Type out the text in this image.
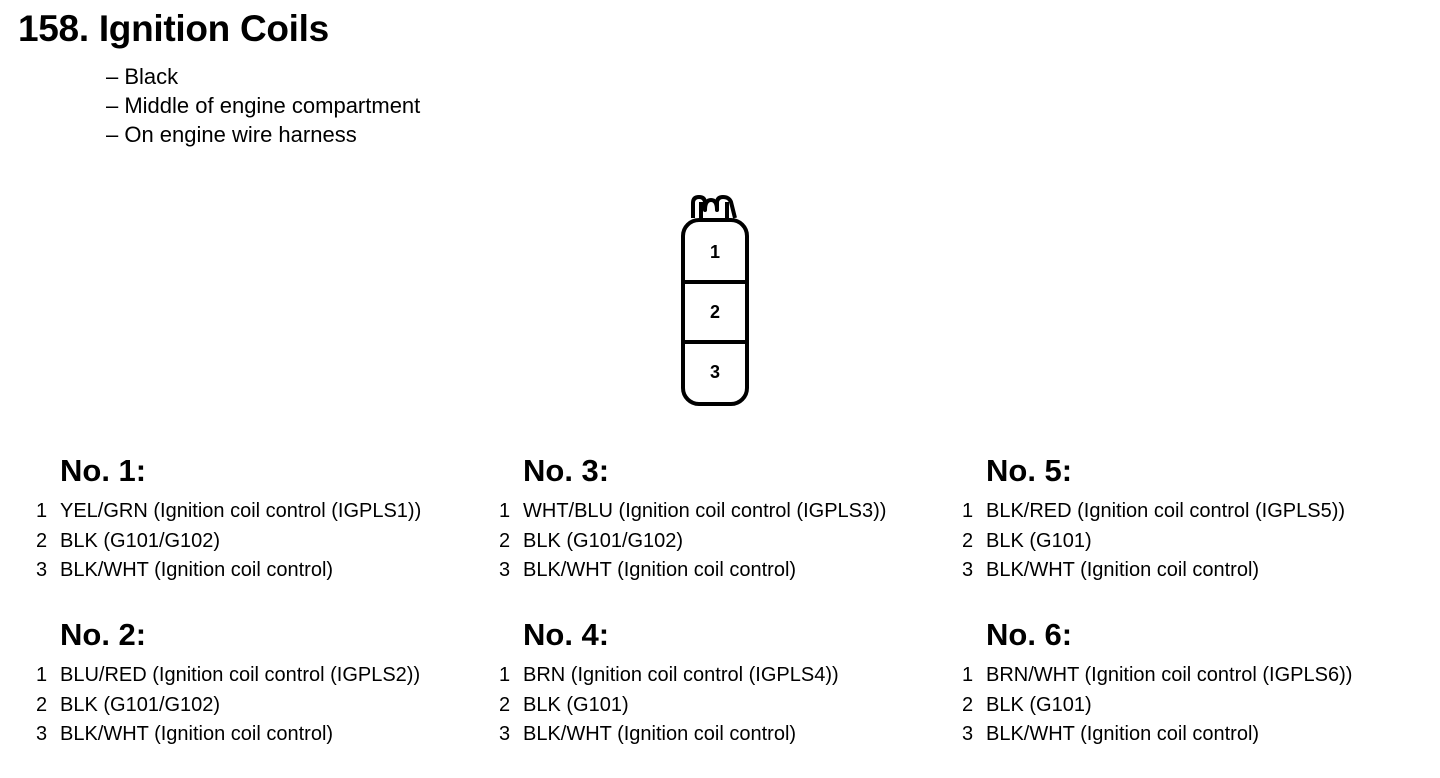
158. Ignition Coils
– Black
– Middle of engine compartment
– On engine wire harness
1
2
3
No. 1:
1 YEL/GRN (Ignition coil control (IGPLS1))
2 BLK (G101/G102)
3 BLK/WHT (Ignition coil control)
No. 2:
1 BLU/RED (Ignition coil control (IGPLS2))
2 BLK (G101/G102)
3 BLK/WHT (Ignition coil control)
No. 3:
1 WHT/BLU (Ignition coil control (IGPLS3))
2 BLK (G101/G102)
3 BLK/WHT (Ignition coil control)
No. 4:
1 BRN (Ignition coil control (IGPLS4))
2 BLK (G101)
3 BLK/WHT (Ignition coil control)
No. 5:
1 BLK/RED (Ignition coil control (IGPLS5))
2 BLK (G101)
3 BLK/WHT (Ignition coil control)
No. 6:
1 BRN/WHT (Ignition coil control (IGPLS6))
2 BLK (G101)
3 BLK/WHT (Ignition coil control)
